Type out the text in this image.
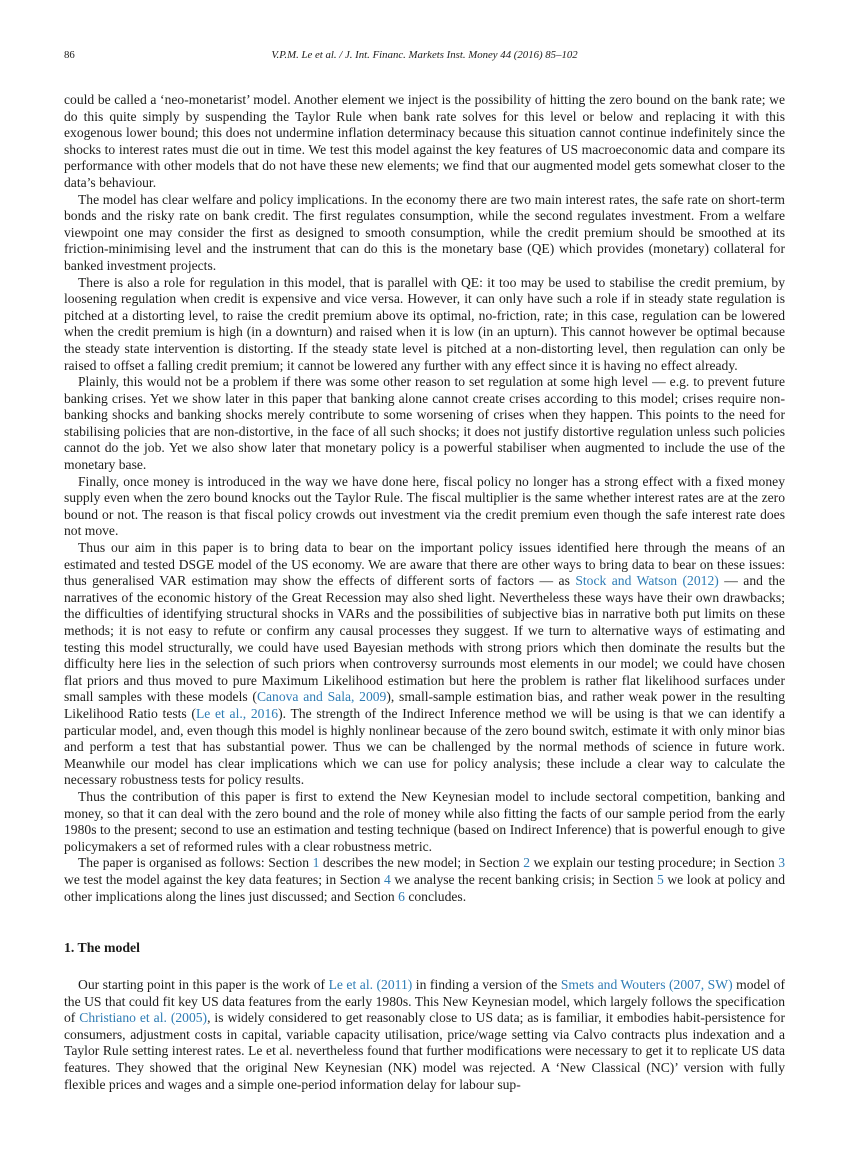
86	V.P.M. Le et al. / J. Int. Financ. Markets Inst. Money 44 (2016) 85–102

could be called a ‘neo-monetarist’ model. Another element we inject is the possibility of hitting the zero bound on the bank rate; we do this quite simply by suspending the Taylor Rule when bank rate solves for this level or below and replacing it with this exogenous lower bound; this does not undermine inflation determinacy because this situation cannot continue indefinitely since the shocks to interest rates must die out in time. We test this model against the key features of US macroeconomic data and compare its performance with other models that do not have these new elements; we find that our augmented model gets somewhat closer to the data’s behaviour.

The model has clear welfare and policy implications. In the economy there are two main interest rates, the safe rate on short-term bonds and the risky rate on bank credit. The first regulates consumption, while the second regulates investment. From a welfare viewpoint one may consider the first as designed to smooth consumption, while the credit premium should be smoothed at its friction-minimising level and the instrument that can do this is the monetary base (QE) which provides (monetary) collateral for banked investment projects.

There is also a role for regulation in this model, that is parallel with QE: it too may be used to stabilise the credit premium, by loosening regulation when credit is expensive and vice versa. However, it can only have such a role if in steady state regulation is pitched at a distorting level, to raise the credit premium above its optimal, no-friction, rate; in this case, regulation can be lowered when the credit premium is high (in a downturn) and raised when it is low (in an upturn). This cannot however be optimal because the steady state intervention is distorting. If the steady state level is pitched at a non-distorting level, then regulation can only be raised to offset a falling credit premium; it cannot be lowered any further with any effect since it is having no effect already.

Plainly, this would not be a problem if there was some other reason to set regulation at some high level — e.g. to prevent future banking crises. Yet we show later in this paper that banking alone cannot create crises according to this model; crises require non-banking shocks and banking shocks merely contribute to some worsening of crises when they happen. This points to the need for stabilising policies that are non-distortive, in the face of all such shocks; it does not justify distortive regulation unless such policies cannot do the job. Yet we also show later that monetary policy is a powerful stabiliser when augmented to include the use of the monetary base.

Finally, once money is introduced in the way we have done here, fiscal policy no longer has a strong effect with a fixed money supply even when the zero bound knocks out the Taylor Rule. The fiscal multiplier is the same whether interest rates are at the zero bound or not. The reason is that fiscal policy crowds out investment via the credit premium even though the safe interest rate does not move.

Thus our aim in this paper is to bring data to bear on the important policy issues identified here through the means of an estimated and tested DSGE model of the US economy. We are aware that there are other ways to bring data to bear on these issues: thus generalised VAR estimation may show the effects of different sorts of factors — as Stock and Watson (2012) — and the narratives of the economic history of the Great Recession may also shed light. Nevertheless these ways have their own drawbacks; the difficulties of identifying structural shocks in VARs and the possibilities of subjective bias in narrative both put limits on these methods; it is not easy to refute or confirm any causal processes they suggest. If we turn to alternative ways of estimating and testing this model structurally, we could have used Bayesian methods with strong priors which then dominate the results but the difficulty here lies in the selection of such priors when controversy surrounds most elements in our model; we could have chosen flat priors and thus moved to pure Maximum Likelihood estimation but here the problem is rather flat likelihood surfaces under small samples with these models (Canova and Sala, 2009), small-sample estimation bias, and rather weak power in the resulting Likelihood Ratio tests (Le et al., 2016). The strength of the Indirect Inference method we will be using is that we can identify a particular model, and, even though this model is highly nonlinear because of the zero bound switch, estimate it with only minor bias and perform a test that has substantial power. Thus we can be challenged by the normal methods of science in future work. Meanwhile our model has clear implications which we can use for policy analysis; these include a clear way to calculate the necessary robustness tests for policy results.

Thus the contribution of this paper is first to extend the New Keynesian model to include sectoral competition, banking and money, so that it can deal with the zero bound and the role of money while also fitting the facts of our sample period from the early 1980s to the present; second to use an estimation and testing technique (based on Indirect Inference) that is powerful enough to give policymakers a set of reformed rules with a clear robustness metric.

The paper is organised as follows: Section 1 describes the new model; in Section 2 we explain our testing procedure; in Section 3 we test the model against the key data features; in Section 4 we analyse the recent banking crisis; in Section 5 we look at policy and other implications along the lines just discussed; and Section 6 concludes.

1. The model

Our starting point in this paper is the work of Le et al. (2011) in finding a version of the Smets and Wouters (2007, SW) model of the US that could fit key US data features from the early 1980s. This New Keynesian model, which largely follows the specification of Christiano et al. (2005), is widely considered to get reasonably close to US data; as is familiar, it embodies habit-persistence for consumers, adjustment costs in capital, variable capacity utilisation, price/wage setting via Calvo contracts plus indexation and a Taylor Rule setting interest rates. Le et al. nevertheless found that further modifications were necessary to get it to replicate US data features. They showed that the original New Keynesian (NK) model was rejected. A ‘New Classical (NC)’ version with fully flexible prices and wages and a simple one-period information delay for labour sup-
